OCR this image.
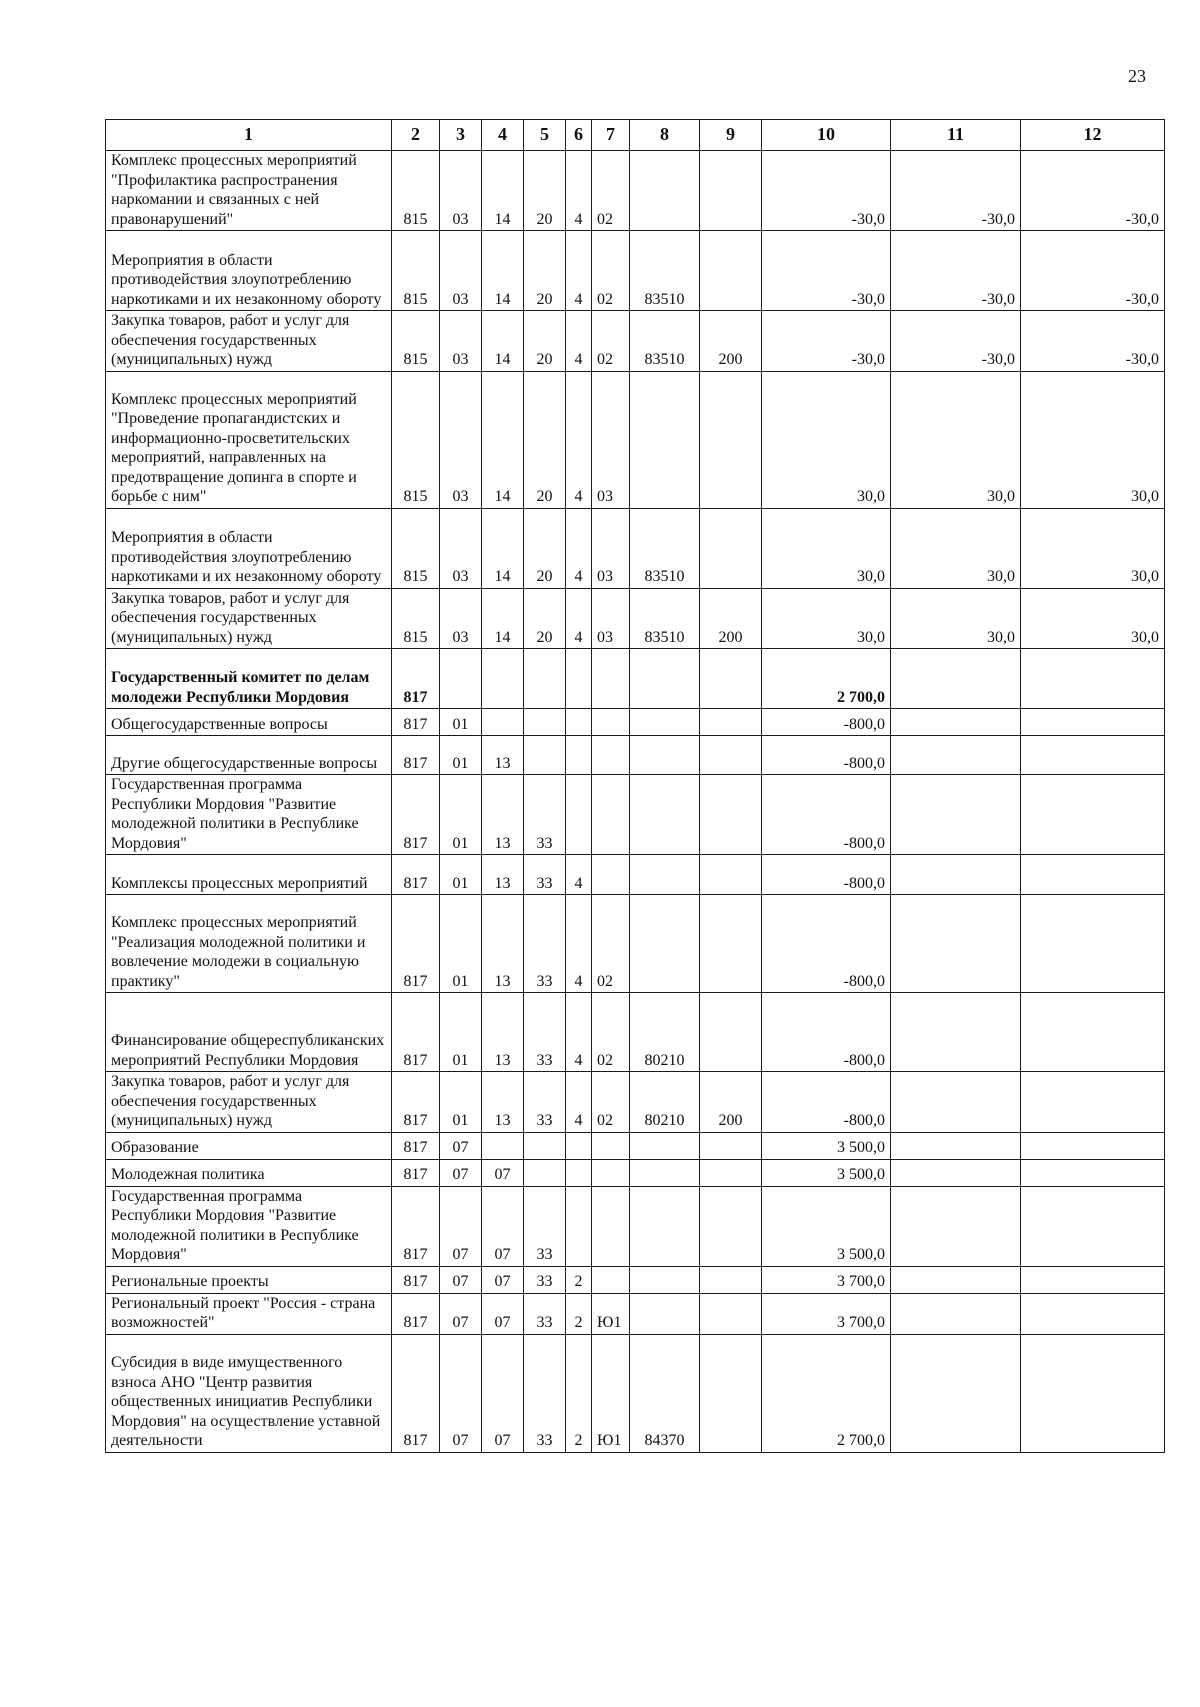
23
1	2	3	4	5	6	7	8	9	10	11	12
Комплекс процессных мероприятий "Профилактика распространения наркомании и связанных с ней правонарушений"	815	03	14	20	4	02			-30,0	-30,0	-30,0
Мероприятия в области противодействия злоупотреблению наркотиками и их незаконному обороту	815	03	14	20	4	02	83510		-30,0	-30,0	-30,0
Закупка товаров, работ и услуг для обеспечения государственных (муниципальных) нужд	815	03	14	20	4	02	83510	200	-30,0	-30,0	-30,0
Комплекс процессных мероприятий "Проведение пропагандистских и информационно-просветительских мероприятий, направленных на предотвращение допинга в спорте и борьбе с ним"	815	03	14	20	4	03			30,0	30,0	30,0
Мероприятия в области противодействия злоупотреблению наркотиками и их незаконному обороту	815	03	14	20	4	03	83510		30,0	30,0	30,0
Закупка товаров, работ и услуг для обеспечения государственных (муниципальных) нужд	815	03	14	20	4	03	83510	200	30,0	30,0	30,0
Государственный комитет по делам молодежи Республики Мордовия	817								2 700,0		
Общегосударственные вопросы	817	01							-800,0		
Другие общегосударственные вопросы	817	01	13						-800,0		
Государственная программа Республики Мордовия "Развитие молодежной политики в Республике Мордовия"	817	01	13	33					-800,0		
Комплексы процессных мероприятий	817	01	13	33	4				-800,0		
Комплекс процессных мероприятий "Реализация молодежной политики и вовлечение молодежи в социальную практику"	817	01	13	33	4	02			-800,0		
Финансирование общереспубликанских мероприятий Республики Мордовия	817	01	13	33	4	02	80210		-800,0		
Закупка товаров, работ и услуг для обеспечения государственных (муниципальных) нужд	817	01	13	33	4	02	80210	200	-800,0		
Образование	817	07							3 500,0		
Молодежная политика	817	07	07						3 500,0		
Государственная программа Республики Мордовия "Развитие молодежной политики в Республике Мордовия"	817	07	07	33					3 500,0		
Региональные проекты	817	07	07	33	2				3 700,0		
Региональный проект "Россия - страна возможностей"	817	07	07	33	2	Ю1			3 700,0		
Субсидия в виде имущественного взноса АНО "Центр развития общественных инициатив Республики Мордовия" на осуществление уставной деятельности	817	07	07	33	2	Ю1	84370		2 700,0		
